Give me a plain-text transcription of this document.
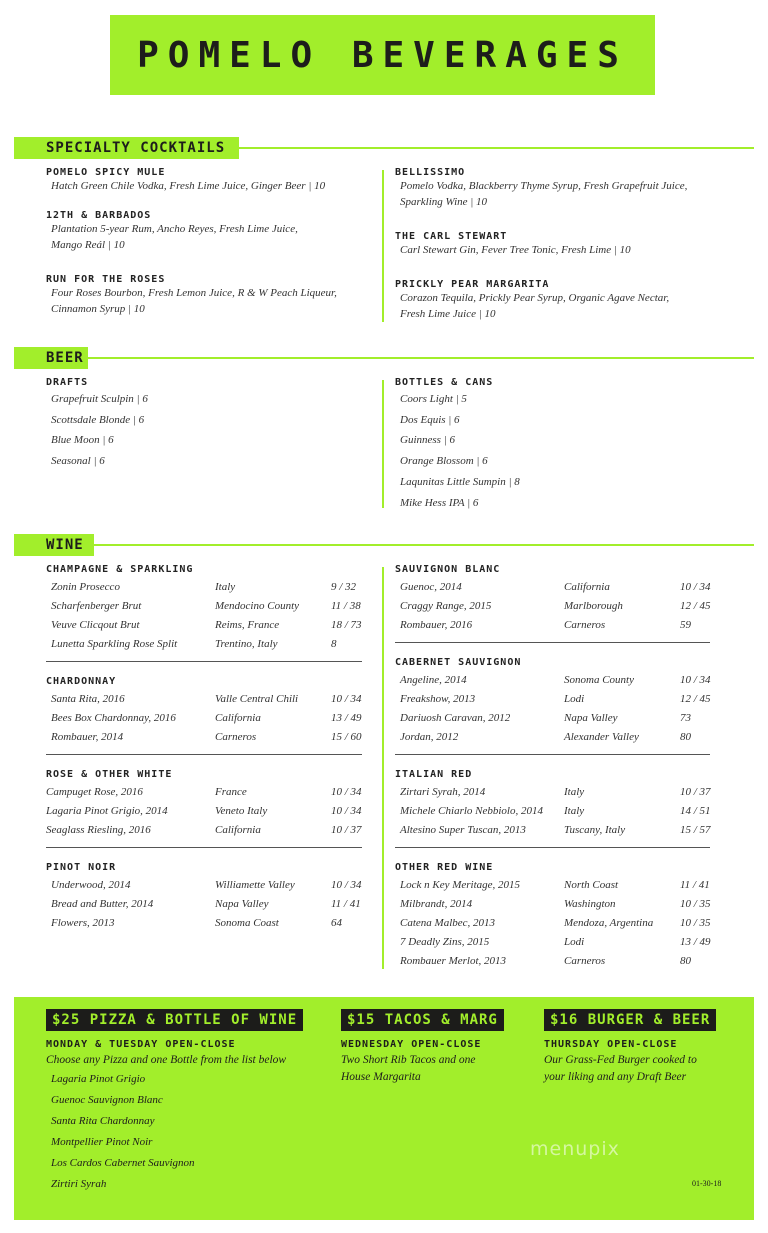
POMELO BEVERAGES
SPECIALTY COCKTAILS
POMELO SPICY MULE
Hatch Green Chile Vodka, Fresh Lime Juice, Ginger Beer | 10
12TH & BARBADOS
Plantation 5-year Rum, Ancho Reyes, Fresh Lime Juice,
Mango Reál | 10
RUN FOR THE ROSES
Four Roses Bourbon, Fresh Lemon Juice, R & W Peach Liqueur,
Cinnamon Syrup | 10
BELLISSIMO
Pomelo Vodka, Blackberry Thyme Syrup, Fresh Grapefruit Juice,
Sparkling Wine | 10
THE CARL STEWART
Carl Stewart Gin, Fever Tree Tonic, Fresh Lime | 10
PRICKLY PEAR MARGARITA
Corazon Tequila, Prickly Pear Syrup, Organic Agave Nectar,
Fresh Lime Juice | 10
BEER
DRAFTS
Grapefruit Sculpin | 6
Scottsdale Blonde | 6
Blue Moon | 6
Seasonal | 6
BOTTLES & CANS
Coors Light | 5
Dos Equis | 6
Guinness | 6
Orange Blossom | 6
Laqunitas Little Sumpin | 8
Mike Hess IPA | 6
WINE
CHAMPAGNE & SPARKLING
Zonin Prosecco	Italy	9 / 32
Scharfenberger Brut	Mendocino County	11 / 38
Veuve Clicqout Brut	Reims, France	18 / 73
Lunetta Sparkling Rose Split	Trentino, Italy	8
CHARDONNAY
Santa Rita, 2016	Valle Central Chili	10 / 34
Bees Box Chardonnay, 2016	California	13 / 49
Rombauer, 2014	Carneros	15 / 60
ROSE & OTHER WHITE
Campuget Rose, 2016	France	10 / 34
Lagaria Pinot Grigio, 2014	Veneto Italy	10 / 34
Seaglass Riesling, 2016	California	10 / 37
PINOT NOIR
Underwood, 2014	Williamette Valley	10 / 34
Bread and Butter, 2014	Napa Valley	11 / 41
Flowers, 2013	Sonoma Coast	64
SAUVIGNON BLANC
Guenoc, 2014	California	10 / 34
Craggy Range, 2015	Marlborough	12 / 45
Rombauer, 2016	Carneros	59
CABERNET SAUVIGNON
Angeline, 2014	Sonoma County	10 / 34
Freakshow, 2013	Lodi	12 / 45
Dariuosh Caravan, 2012	Napa Valley	73
Jordan, 2012	Alexander Valley	80
ITALIAN RED
Zirtari Syrah, 2014	Italy	10 / 37
Michele Chiarlo Nebbiolo, 2014 Italy	14 / 51
Altesino Super Tuscan, 2013	Tuscany, Italy	15 / 57
OTHER RED WINE
Lock n Key Meritage, 2015	North Coast	11 / 41
Milbrandt, 2014	Washington	10 / 35
Catena Malbec, 2013	Mendoza, Argentina 10 / 35
7 Deadly Zins, 2015	Lodi	13 / 49
Rombauer Merlot, 2013	Carneros	80
$25 PIZZA & BOTTLE OF WINE
MONDAY & TUESDAY OPEN-CLOSE
Choose any Pizza and one Bottle from the list below
Lagaria Pinot Grigio
Guenoc Sauvignon Blanc
Santa Rita Chardonnay
Montpellier Pinot Noir
Los Cardos Cabernet Sauvignon
Zirtiri Syrah
$15 TACOS & MARG
WEDNESDAY OPEN-CLOSE
Two Short Rib Tacos and one
House Margarita
$16 BURGER & BEER
THURSDAY OPEN-CLOSE
Our Grass-Fed Burger cooked to
your liking and any Draft Beer
menupix
01-30-18
